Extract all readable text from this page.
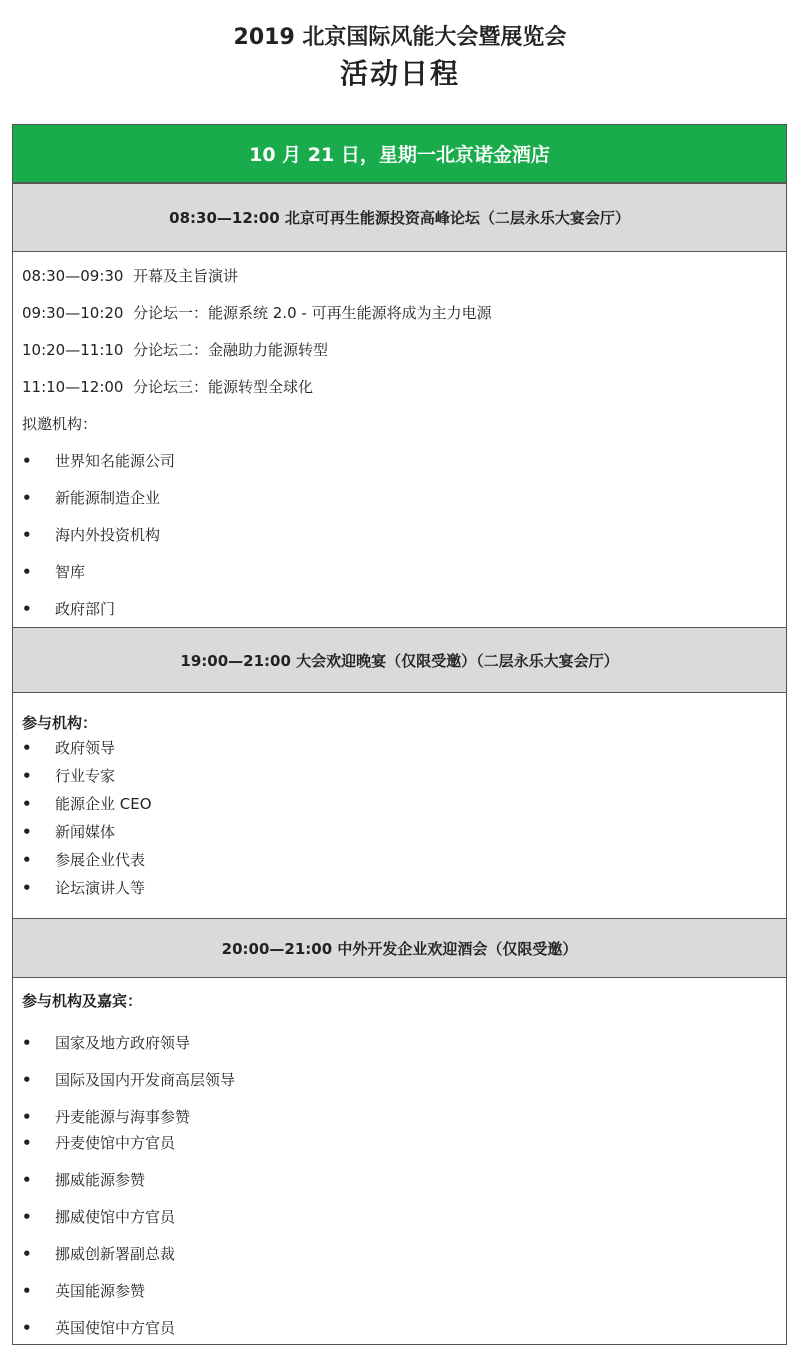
2019 北京国际风能大会暨展览会
活动日程
10 月 21 日，星期一北京诺金酒店
08:30—12:00 北京可再生能源投资高峰论坛（二层永乐大宴会厅）
08:30—09:30 开幕及主旨演讲
09:30—10:20 分论坛一：能源系统 2.0 - 可再生能源将成为主力电源
10:20—11:10 分论坛二：金融助力能源转型
11:10—12:00 分论坛三：能源转型全球化
拟邀机构：
• 世界知名能源公司
• 新能源制造企业
• 海内外投资机构
• 智库
• 政府部门
19:00—21:00 大会欢迎晚宴（仅限受邀）（二层永乐大宴会厅）
参与机构：
• 政府领导
• 行业专家
• 能源企业 CEO
• 新闻媒体
• 参展企业代表
• 论坛演讲人等
20:00—21:00 中外开发企业欢迎酒会（仅限受邀）
参与机构及嘉宾：
• 国家及地方政府领导
• 国际及国内开发商高层领导
• 丹麦能源与海事参赞
• 丹麦使馆中方官员
• 挪威能源参赞
• 挪威使馆中方官员
• 挪威创新署副总裁
• 英国能源参赞
• 英国使馆中方官员
